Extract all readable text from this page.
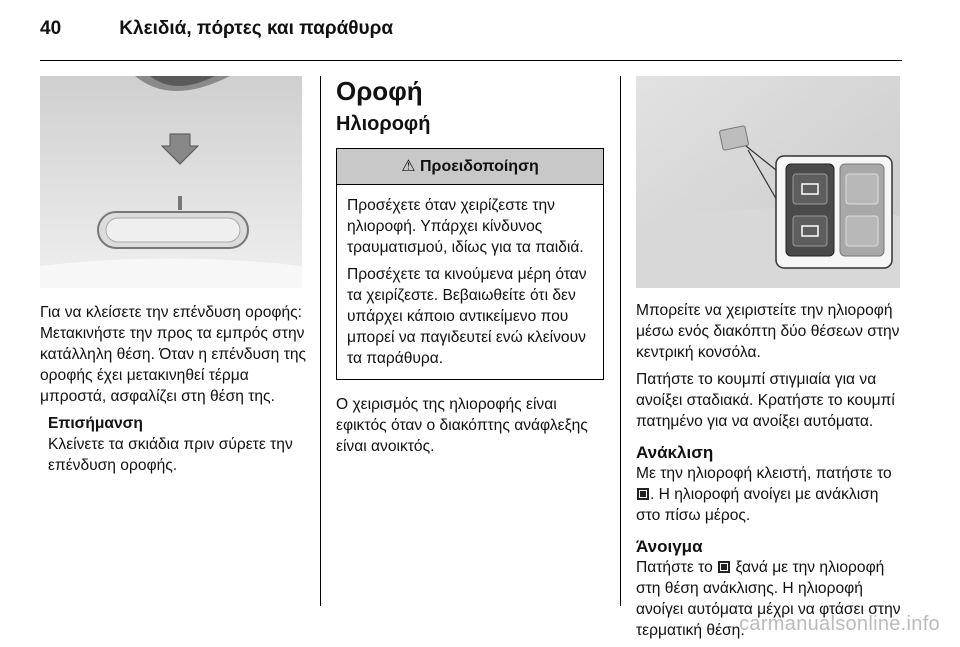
40	Κλειδιά, πόρτες και παράθυρα

Για να κλείσετε την επένδυση οροφής: Μετακινήστε την προς τα εμπρός στην κατάλληλη θέση. Όταν η επένδυση της οροφής έχει μετακινηθεί τέρμα μπροστά, ασφαλίζει στη θέση της.

Επισήμανση
Κλείνετε τα σκιάδια πριν σύρετε την επένδυση οροφής.
Οροφή
Ηλιοροφή
⚠ Προειδοποίηση

Προσέχετε όταν χειρίζεστε την ηλιοροφή. Υπάρχει κίνδυνος τραυματισμού, ιδίως για τα παιδιά.

Προσέχετε τα κινούμενα μέρη όταν τα χειρίζεστε. Βεβαιωθείτε ότι δεν υπάρχει κάποιο αντικείμενο που μπορεί να παγιδευτεί ενώ κλείνουν τα παράθυρα.

Ο χειρισμός της ηλιοροφής είναι εφικτός όταν ο διακόπτης ανάφλεξης είναι ανοικτός.

Μπορείτε να χειριστείτε την ηλιοροφή μέσω ενός διακόπτη δύο θέσεων στην κεντρική κονσόλα.

Πατήστε το κουμπί στιγμιαία για να ανοίξει σταδιακά. Κρατήστε το κουμπί πατημένο για να ανοίξει αυτόματα.

Ανάκλιση

Με την ηλιοροφή κλειστή, πατήστε το . Η ηλιοροφή ανοίγει με ανάκλιση στο πίσω μέρος.

Άνοιγμα

Πατήστε το  ξανά με την ηλιοροφή στη θέση ανάκλισης. Η ηλιοροφή ανοίγει αυτόματα μέχρι να φτάσει στην τερματική θέση.

carmanualsonline.info
